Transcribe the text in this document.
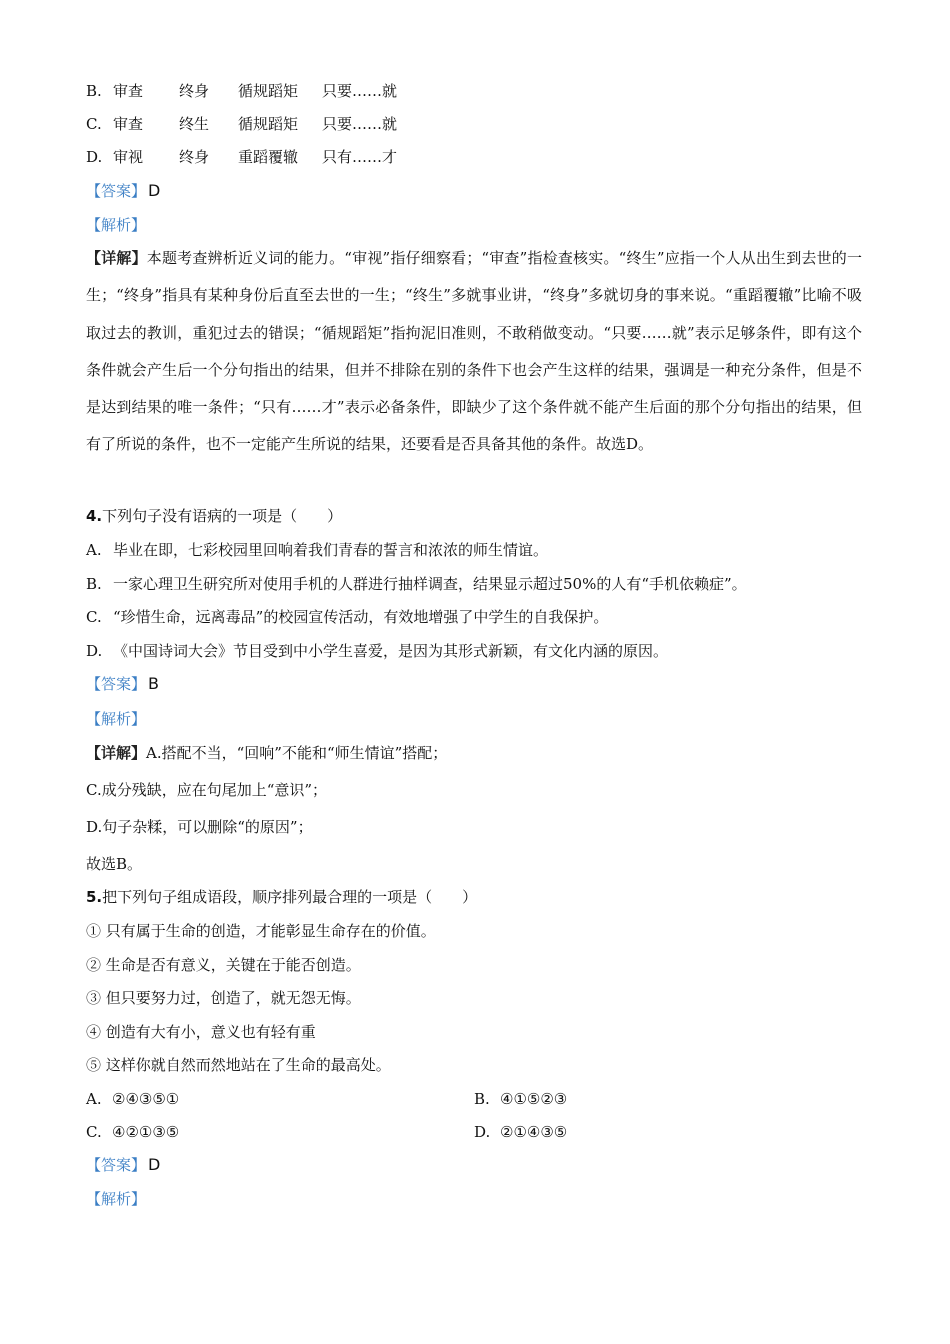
B. 审查 终身 循规蹈矩 只要……就
C. 审查 终生 循规蹈矩 只要……就
D. 审视 终身 重蹈覆辙 只有……才
【答案】 D
【解析】
【详解】本题考查辨析近义词的能力。“审视”指仔细察看；“审查”指检查核实。“终生”应指一个人从出生到去世的一生；“终身”指具有某种身份后直至去世的一生；“终生”多就事业讲，“终身”多就切身的事来说。“重蹈覆辙”比喻不吸取过去的教训，重犯过去的错误；“循规蹈矩”指拘泥旧准则，不敢稍做变动。“只要……就”表示足够条件，即有这个条件就会产生后一个分句指出的结果，但并不排除在别的条件下也会产生这样的结果，强调是一种充分条件，但是不是达到结果的唯一条件；“只有……才”表示必备条件，即缺少了这个条件就不能产生后面的那个分句指出的结果，但有了所说的条件，也不一定能产生所说的结果，还要看是否具备其他的条件。故选D。
4.下列句子没有语病的一项是（　　）
A. 毕业在即，七彩校园里回响着我们青春的誓言和浓浓的师生情谊。
B. 一家心理卫生研究所对使用手机的人群进行抽样调查，结果显示超过50%的人有“手机依赖症”。
C. “珍惜生命，远离毒品”的校园宣传活动，有效地增强了中学生的自我保护。
D. 《中国诗词大会》节目受到中小学生喜爱，是因为其形式新颖，有文化内涵的原因。
【答案】 B
【解析】
【详解】A.搭配不当，“回响”不能和“师生情谊”搭配；
C.成分残缺，应在句尾加上“意识”；
D.句子杂糅，可以删除“的原因”；
故选B。
5.把下列句子组成语段，顺序排列最合理的一项是（　　）
① 只有属于生命的创造，才能彰显生命存在的价值。
② 生命是否有意义，关键在于能否创造。
③ 但只要努力过，创造了，就无怨无悔。
④ 创造有大有小，意义也有轻有重
⑤ 这样你就自然而然地站在了生命的最高处。
A. ②④③⑤①	B. ④①⑤②③
C. ④②①③⑤	D. ②①④③⑤
【答案】 D
【解析】
